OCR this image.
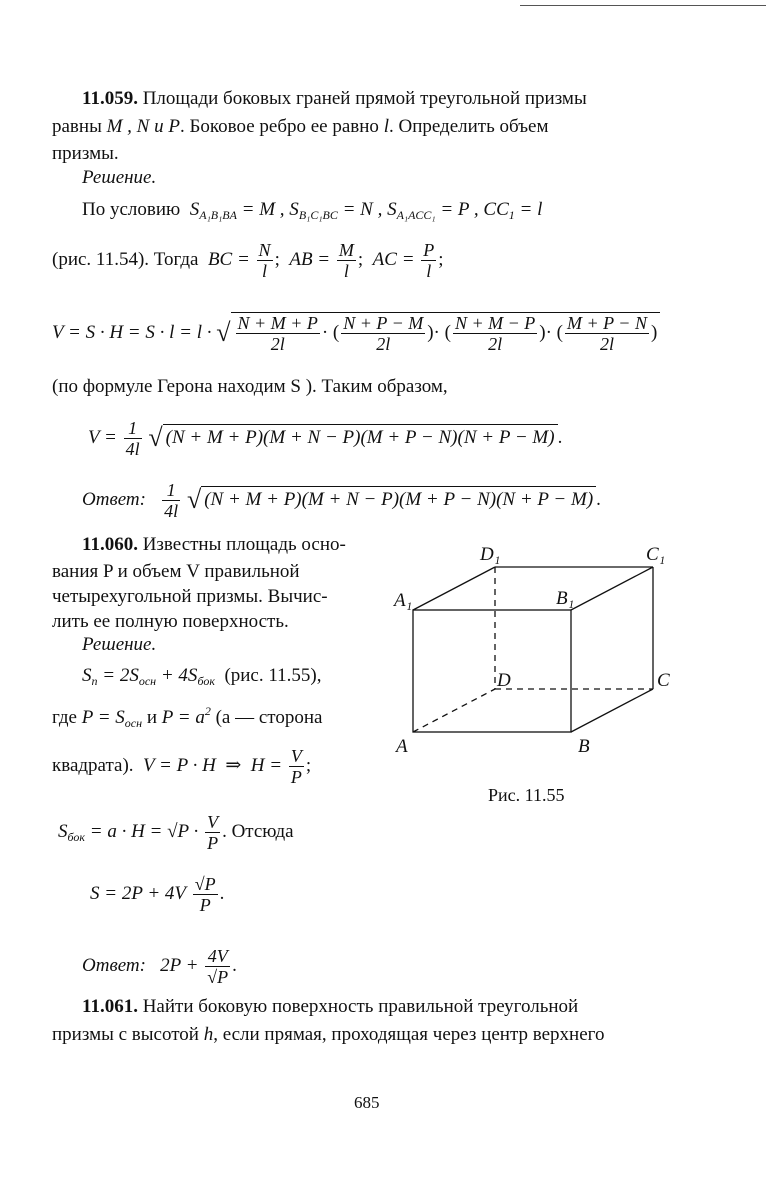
11.059. Площади боковых граней прямой треугольной призмы
равны M , N и P. Боковое ребро ее равно l. Определить объем
призмы.
Решение.
По условию $S_{A_1B_1BA} = M$ , $S_{B_1C_1BC} = N$ , $S_{A_1ACC_1} = P$ , $CC_1 = l$
(рис. 11.54). Тогда BC = $\frac{N}{l}$ ;  AB = $\frac{M}{l}$ ;  AC = $\frac{P}{l}$ ;
V = S · H = S · l = l · √ $\frac{N + M + P}{2l}$ · ( $\frac{N + P - M}{2l}$ )· ( $\frac{N + M - P}{2l}$ )· ( $\frac{M + P - N}{2l}$ )
(по формуле Герона находим S ). Таким образом,
$V = \frac{1}{4l}$ √ (N + M + P)(M + N − P)(M + P − N)(N + P − M) .
Ответ: $\frac{1}{4l}$ √ (N + M + P)(M + N − P)(M + P − N)(N + P − M) .
11.060. Известны площадь осно-
вания P и объем V правильной
четырехугольной призмы. Вычис-
лить ее полную поверхность.
Решение.
$S_п = 2S_{осн} + 4S_{бок}$ (рис. 11.55),
где $P = S_{осн}$ и $P = a^2$ (a — сторона
квадрата). V = P · H  ⇒  $H = \frac{V}{P}$ ;
$S_{бок} = a \cdot H = √P \cdot \frac{V}{P}$ . Отсюда
$S = 2P + 4V \frac{√P}{P}$ .
Ответ: $2P + \frac{4V}{√P}$ .
D₁	C₁
A₁	B₁
D	C
A	B
Рис. 11.55
11.061. Найти боковую поверхность правильной треугольной
призмы с высотой h, если прямая, проходящая через центр верхнего
685
